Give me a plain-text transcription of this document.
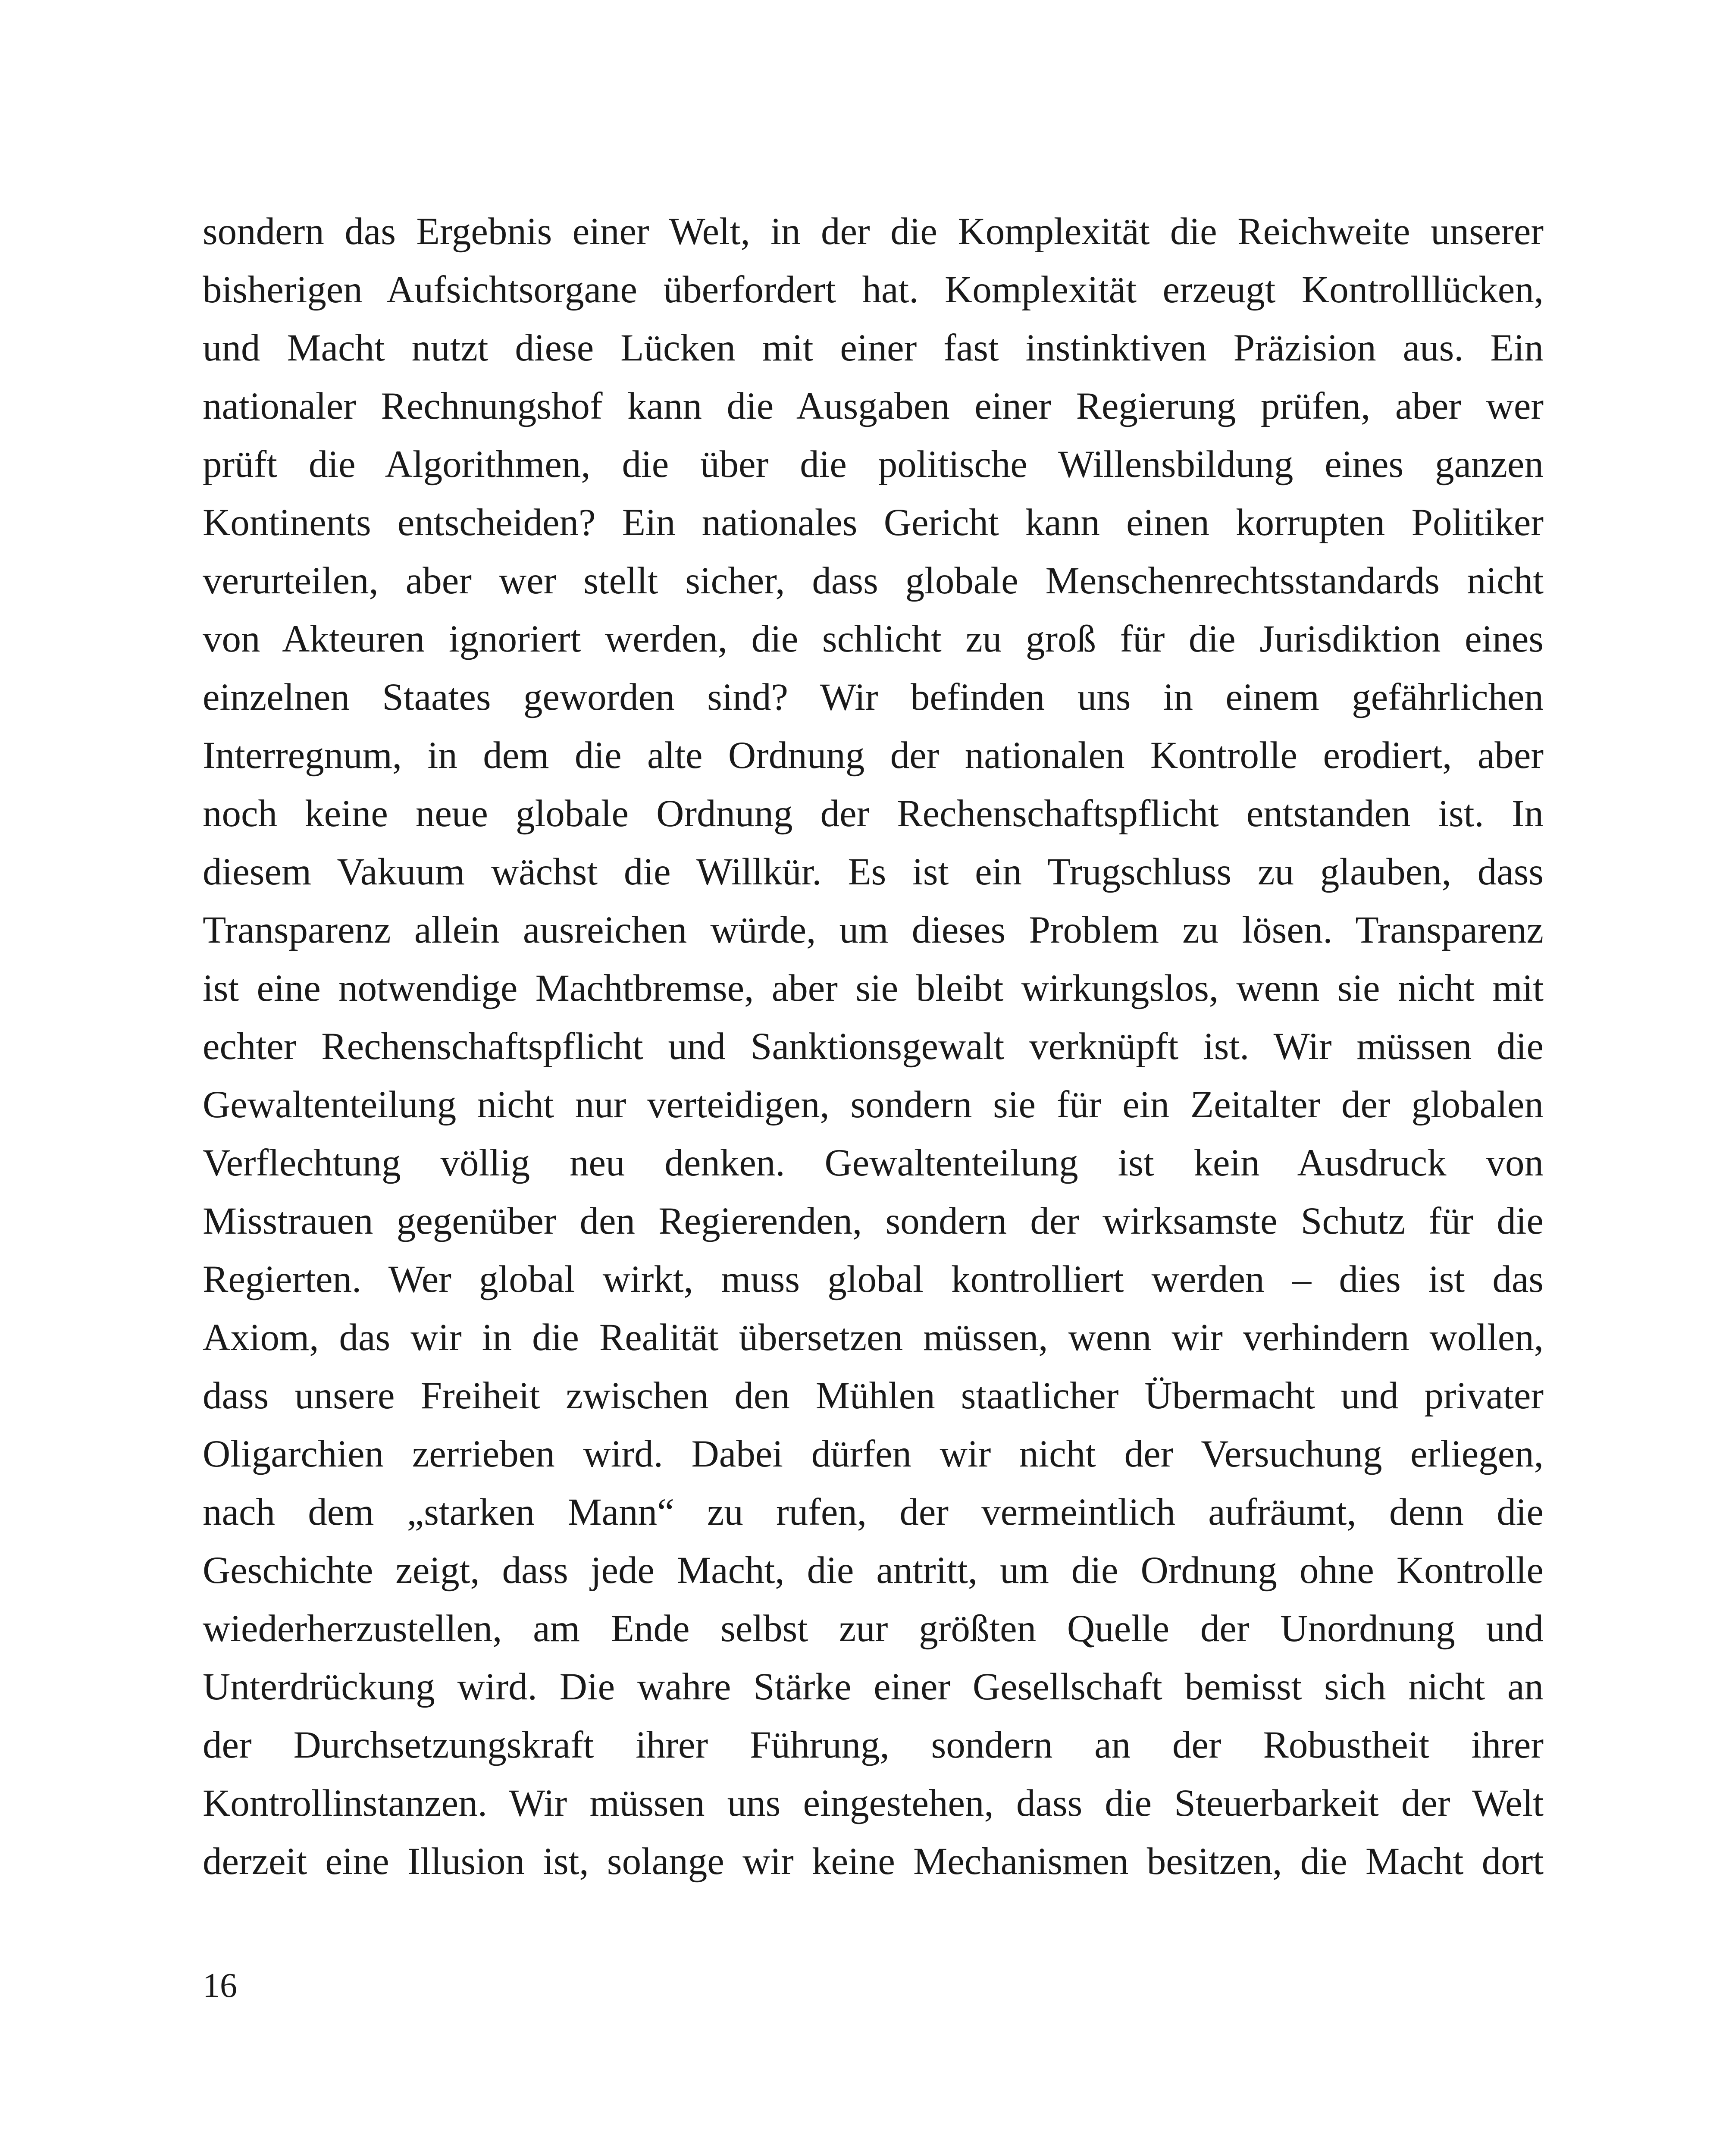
sondern das Ergebnis einer Welt, in der die Komplexität die Reichweite unserer
bisherigen Aufsichtsorgane überfordert hat. Komplexität erzeugt Kontrolllücken,
und Macht nutzt diese Lücken mit einer fast instinktiven Präzision aus. Ein
nationaler Rechnungshof kann die Ausgaben einer Regierung prüfen, aber wer
prüft die Algorithmen, die über die politische Willensbildung eines ganzen
Kontinents entscheiden? Ein nationales Gericht kann einen korrupten Politiker
verurteilen, aber wer stellt sicher, dass globale Menschenrechtsstandards nicht
von Akteuren ignoriert werden, die schlicht zu groß für die Jurisdiktion eines
einzelnen Staates geworden sind? Wir befinden uns in einem gefährlichen
Interregnum, in dem die alte Ordnung der nationalen Kontrolle erodiert, aber
noch keine neue globale Ordnung der Rechenschaftspflicht entstanden ist. In
diesem Vakuum wächst die Willkür. Es ist ein Trugschluss zu glauben, dass
Transparenz allein ausreichen würde, um dieses Problem zu lösen. Transparenz
ist eine notwendige Machtbremse, aber sie bleibt wirkungslos, wenn sie nicht mit
echter Rechenschaftspflicht und Sanktionsgewalt verknüpft ist. Wir müssen die
Gewaltenteilung nicht nur verteidigen, sondern sie für ein Zeitalter der globalen
Verflechtung völlig neu denken. Gewaltenteilung ist kein Ausdruck von
Misstrauen gegenüber den Regierenden, sondern der wirksamste Schutz für die
Regierten. Wer global wirkt, muss global kontrolliert werden – dies ist das
Axiom, das wir in die Realität übersetzen müssen, wenn wir verhindern wollen,
dass unsere Freiheit zwischen den Mühlen staatlicher Übermacht und privater
Oligarchien zerrieben wird. Dabei dürfen wir nicht der Versuchung erliegen,
nach dem „starken Mann“ zu rufen, der vermeintlich aufräumt, denn die
Geschichte zeigt, dass jede Macht, die antritt, um die Ordnung ohne Kontrolle
wiederherzustellen, am Ende selbst zur größten Quelle der Unordnung und
Unterdrückung wird. Die wahre Stärke einer Gesellschaft bemisst sich nicht an
der Durchsetzungskraft ihrer Führung, sondern an der Robustheit ihrer
Kontrollinstanzen. Wir müssen uns eingestehen, dass die Steuerbarkeit der Welt
derzeit eine Illusion ist, solange wir keine Mechanismen besitzen, die Macht dort
16
